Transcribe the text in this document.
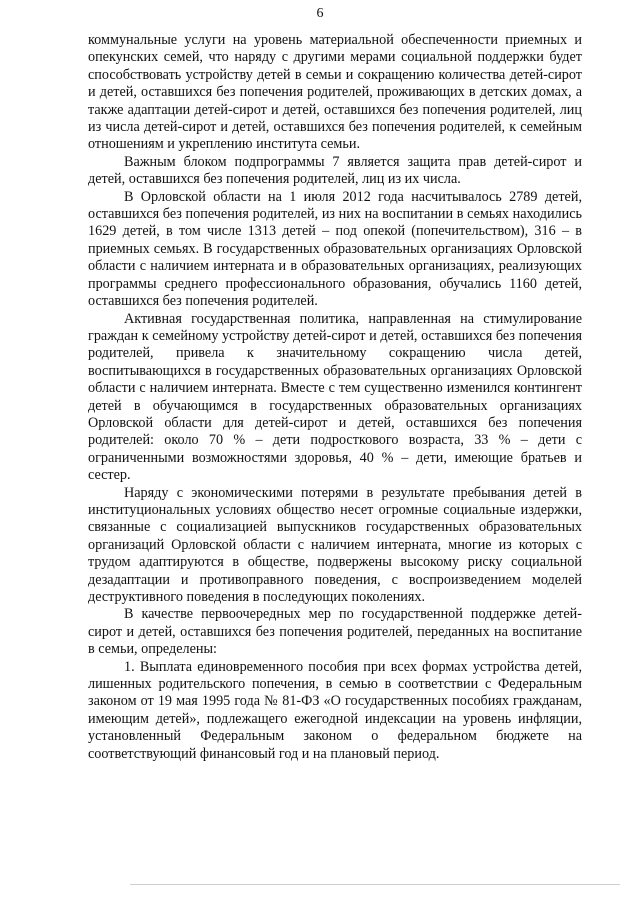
6

коммунальные услуги на уровень материальной обеспеченности приемных и опекунских семей, что наряду с другими мерами социальной поддержки будет способствовать устройству детей в семьи и сокращению количества детей-сирот и детей, оставшихся без попечения родителей, проживающих в детских домах, а также адаптации детей-сирот и детей, оставшихся без попечения родителей, лиц из числа детей-сирот и детей, оставшихся без попечения родителей, к семейным отношениям и укреплению института семьи.

Важным блоком подпрограммы 7 является защита прав детей-сирот и детей, оставшихся без попечения родителей, лиц из их числа.

В Орловской области на 1 июля 2012 года насчитывалось 2789 детей, оставшихся без попечения родителей, из них на воспитании в семьях находились 1629 детей, в том числе 1313 детей – под опекой (попечительством), 316 – в приемных семьях. В государственных образовательных организациях Орловской области с наличием интерната и в образовательных организациях, реализующих программы среднего профессионального образования, обучались 1160 детей, оставшихся без попечения родителей.

Активная государственная политика, направленная на стимулирование граждан к семейному устройству детей-сирот и детей, оставшихся без попечения родителей, привела к значительному сокращению числа детей, воспитывающихся в государственных образовательных организациях Орловской области с наличием интерната. Вместе с тем существенно изменился контингент детей в обучающимся в государственных образовательных организациях Орловской области для детей-сирот и детей, оставшихся без попечения родителей: около 70 % – дети подросткового возраста, 33 % – дети с ограниченными возможностями здоровья, 40 % – дети, имеющие братьев и сестер.

Наряду с экономическими потерями в результате пребывания детей в институциональных условиях общество несет огромные социальные издержки, связанные с социализацией выпускников государственных образовательных организаций Орловской области с наличием интерната, многие из которых с трудом адаптируются в обществе, подвержены высокому риску социальной дезадаптации и противоправного поведения, с воспроизведением моделей деструктивного поведения в последующих поколениях.

В качестве первоочередных мер по государственной поддержке детей-сирот и детей, оставшихся без попечения родителей, переданных на воспитание в семьи, определены:

1. Выплата единовременного пособия при всех формах устройства детей, лишенных родительского попечения, в семью в соответствии с Федеральным законом от 19 мая 1995 года № 81-ФЗ «О государственных пособиях гражданам, имеющим детей», подлежащего ежегодной индексации на уровень инфляции, установленный Федеральным законом о федеральном бюджете на соответствующий финансовый год и на плановый период.
